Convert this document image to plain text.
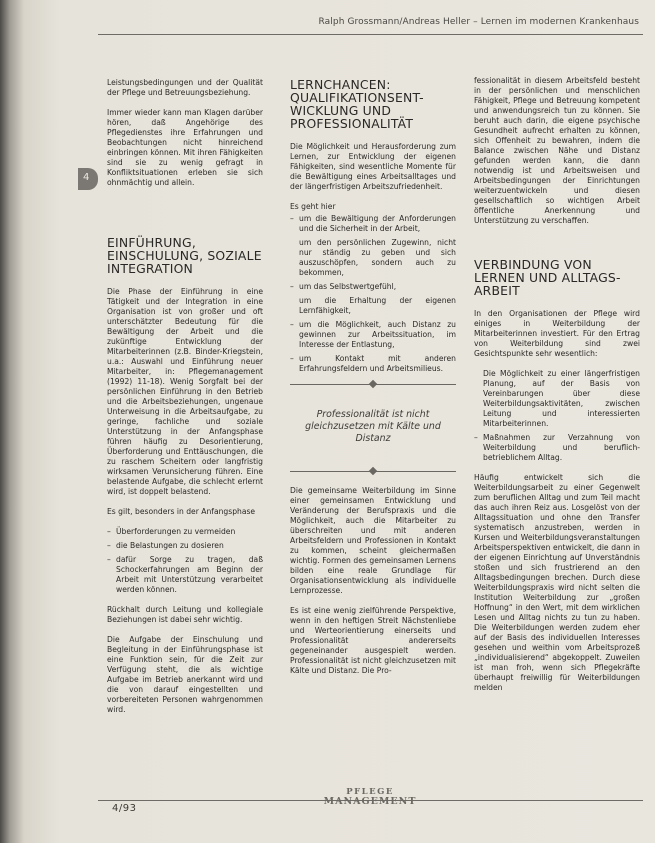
Ralph Grossmann/Andreas Heller – Lernen im modernen Krankenhaus
4

Leistungsbedingungen und der Qualität der Pflege und Betreuungsbeziehung.

Immer wieder kann man Klagen darüber hören, daß Angehörige des Pflegedienstes ihre Erfahrungen und Beobachtungen nicht hinreichend einbringen können. Mit ihren Fähigkeiten sind sie zu wenig gefragt in Konfliktsituationen erleben sie sich ohnmächtig und allein.

EINFÜHRUNG, EINSCHULUNG, SOZIALE INTEGRATION

Die Phase der Einführung in eine Tätigkeit und der Integration in eine Organisation ist von großer und oft unterschätzter Bedeutung für die Bewältigung der Arbeit und die zukünftige Entwicklung der Mitarbeiterinnen (z.B. Binder-Kriegstein, u.a.: Auswahl und Einführung neuer Mitarbeiter, in: Pflegemanagement (1992) 11-18). Wenig Sorgfalt bei der persönlichen Einführung in den Betrieb und die Arbeitsbeziehungen, ungenaue Unterweisung in die Arbeitsaufgabe, zu geringe, fachliche und soziale Unterstützung in der Anfangsphase führen häufig zu Desorientierung, Überforderung und Enttäuschungen, die zu raschem Scheitern oder langfristig wirksamen Verunsicherung führen. Eine belastende Aufgabe, die schlecht erlernt wird, ist doppelt belastend.

Es gilt, besonders in der Anfangsphase

– Überforderungen zu vermeiden
– die Belastungen zu dosieren
– dafür Sorge zu tragen, daß Schockerfahrungen am Beginn der Arbeit mit Unterstützung verarbeitet werden können.

Rückhalt durch Leitung und kollegiale Beziehungen ist dabei sehr wichtig.

Die Aufgabe der Einschulung und Begleitung in der Einführungsphase ist eine Funktion sein, für die Zeit zur Verfügung steht, die als wichtige Aufgabe im Betrieb anerkannt wird und die von darauf eingestellten und vorbereiteten Personen wahrgenommen wird.

LERNCHANCEN: QUALIFIKATIONSENT-WICKLUNG UND PROFESSIONALITÄT

Die Möglichkeit und Herausforderung zum Lernen, zur Entwicklung der eigenen Fähigkeiten, sind wesentliche Momente für die Bewältigung eines Arbeitsalltages und der längerfristigen Arbeitszufriedenheit.

Es geht hier

– um die Bewältigung der Anforderungen und die Sicherheit in der Arbeit,
um den persönlichen Zugewinn, nicht nur ständig zu geben und sich auszuschöpfen, sondern auch zu bekommen,
– um das Selbstwertgefühl,
um die Erhaltung der eigenen Lernfähigkeit,
– um die Möglichkeit, auch Distanz zu gewinnen zur Arbeitssituation, im Interesse der Entlastung,
– um Kontakt mit anderen Erfahrungsfeldern und Arbeitsmilieus.
Professionalität ist nicht gleichzusetzen mit Kälte und Distanz

Die gemeinsame Weiterbildung im Sinne einer gemeinsamen Entwicklung und Veränderung der Berufspraxis und die Möglichkeit, auch die Mitarbeiter zu überschreiten und mit anderen Arbeitsfeldern und Professionen in Kontakt zu kommen, scheint gleichermaßen wichtig. Formen des gemeinsamen Lernens bilden eine reale Grundlage für Organisationsentwicklung als individuelle Lernprozesse.

Es ist eine wenig zielführende Perspektive, wenn in den heftigen Streit Nächstenliebe und Werteorientierung einerseits und Professionalität andererseits gegeneinander ausgespielt werden. Professionalität ist nicht gleichzusetzen mit Kälte und Distanz. Die Pro-

fessionalität in diesem Arbeitsfeld besteht in der persönlichen und menschlichen Fähigkeit, Pflege und Betreuung kompetent und anwendungsreich tun zu können. Sie beruht auch darin, die eigene psychische Gesundheit aufrecht erhalten zu können, sich Offenheit zu bewahren, indem die Balance zwischen Nähe und Distanz gefunden werden kann, die dann notwendig ist und Arbeitsweisen und Arbeitsbedingungen der Einrichtungen weiterzuentwickeln und diesen gesellschaftlich so wichtigen Arbeit öffentliche Anerkennung und Unterstützung zu verschaffen.

VERBINDUNG VON LERNEN UND ALLTAGS-ARBEIT

In den Organisationen der Pflege wird einiges in Weiterbildung der Mitarbeiterinnen investiert. Für den Ertrag von Weiterbildung sind zwei Gesichtspunkte sehr wesentlich:

Die Möglichkeit zu einer längerfristigen Planung, auf der Basis von Vereinbarungen über diese Weiterbildungsaktivitäten, zwischen Leitung und interessierten Mitarbeiterinnen.
– Maßnahmen zur Verzahnung von Weiterbildung und beruflich-betrieblichem Alltag.

Häufig entwickelt sich die Weiterbildungsarbeit zu einer Gegenwelt zum beruflichen Alltag und zum Teil macht das auch ihren Reiz aus. Losgelöst von der Alltagssituation und ohne den Transfer systematisch anzustreben, werden in Kursen und Weiterbildungsveranstaltungen Arbeitsperspektiven entwickelt, die dann in der eigenen Einrichtung auf Unverständnis stoßen und sich frustrierend an den Alltagsbedingungen brechen. Durch diese Weiterbildungspraxis wird nicht selten die Institution Weiterbildung zur „großen Hoffnung“ in den Wert, mit dem wirklichen Lesen und Alltag nichts zu tun zu haben. Die Weiterbildungen werden zudem eher auf der Basis des individuellen Interesses gesehen und weithin vom Arbeitsprozeß „individualisierend“ abgekoppelt. Zuweilen ist man froh, wenn sich Pflegekräfte überhaupt freiwillig für Weiterbildungen melden

4/93
PFLEGE
MANAGEMENT
